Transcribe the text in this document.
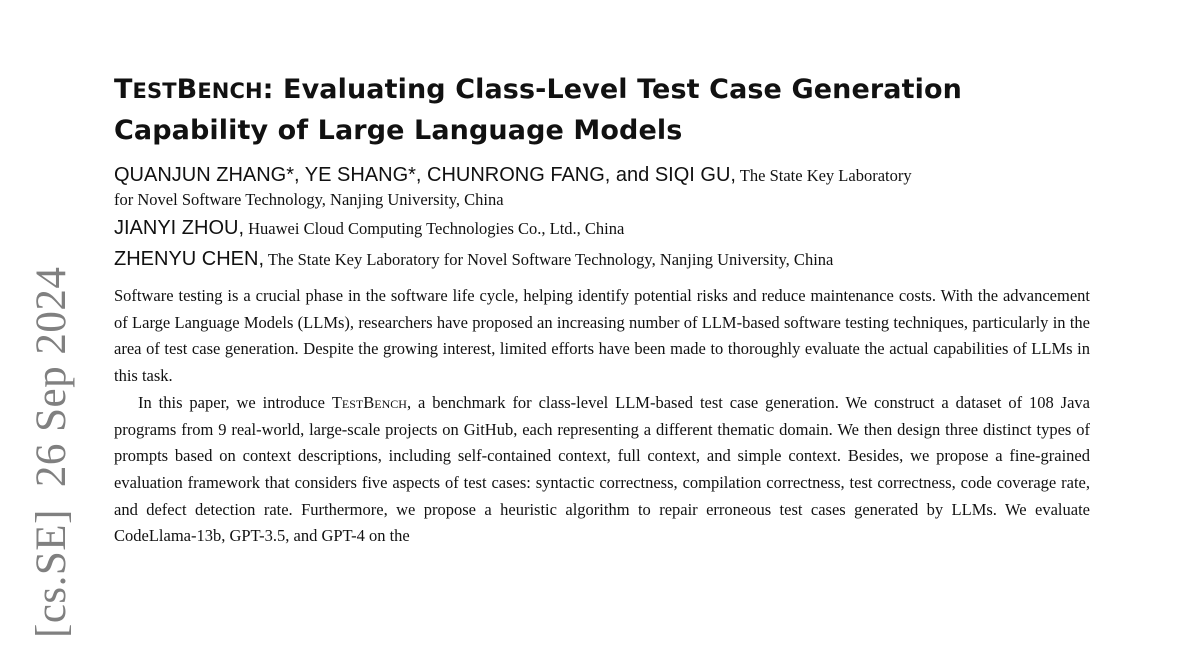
[cs.SE]26 Sep 2024
TESTBENCH: Evaluating Class-Level Test Case Generation
Capability of Large Language Models
QUANJUN ZHANG*, YE SHANG*, CHUNRONG FANG, and SIQI GU, The State Key Laboratory
for Novel Software Technology, Nanjing University, China
JIANYI ZHOU, Huawei Cloud Computing Technologies Co., Ltd., China
ZHENYU CHEN, The State Key Laboratory for Novel Software Technology, Nanjing University, China

Software testing is a crucial phase in the software life cycle, helping identify potential risks and reduce maintenance costs. With the advancement of Large Language Models (LLMs), researchers have proposed an increasing number of LLM-based software testing techniques, particularly in the area of test case generation. Despite the growing interest, limited efforts have been made to thoroughly evaluate the actual capabilities of LLMs in this task.

In this paper, we introduce TestBench, a benchmark for class-level LLM-based test case generation. We construct a dataset of 108 Java programs from 9 real-world, large-scale projects on GitHub, each representing a different thematic domain. We then design three distinct types of prompts based on context descriptions, including self-contained context, full context, and simple context. Besides, we propose a fine-grained evaluation framework that considers five aspects of test cases: syntactic correctness, compilation correctness, test correctness, code coverage rate, and defect detection rate. Furthermore, we propose a heuristic algorithm to repair erroneous test cases generated by LLMs. We evaluate CodeLlama-13b, GPT-3.5, and GPT-4 on the
